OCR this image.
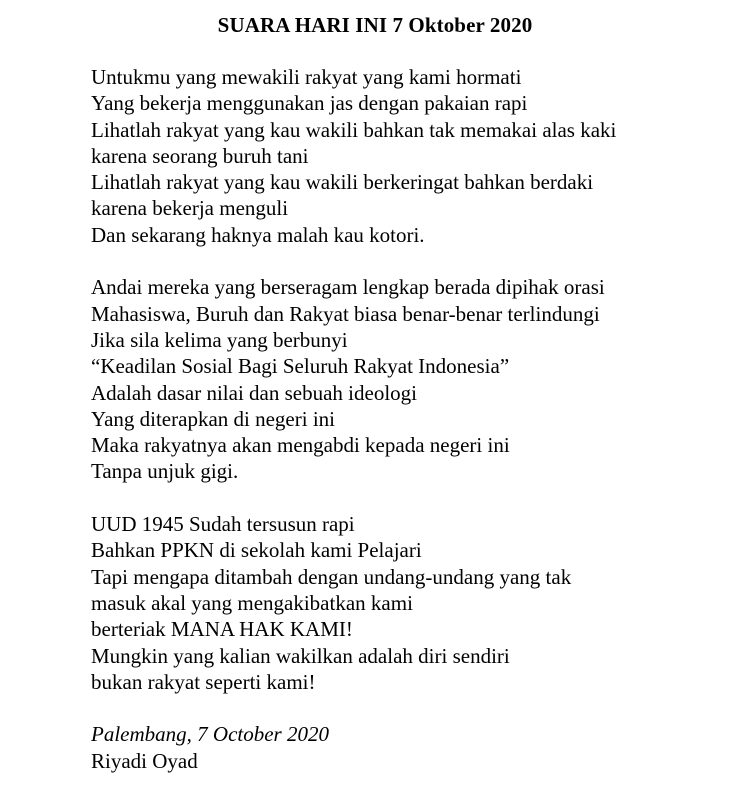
SUARA HARI INI 7 Oktober 2020
Untukmu yang mewakili rakyat yang kami hormati
Yang bekerja menggunakan jas dengan pakaian rapi
Lihatlah rakyat yang kau wakili bahkan tak memakai alas kaki
karena seorang buruh tani
Lihatlah rakyat yang kau wakili berkeringat bahkan berdaki
karena bekerja menguli
Dan sekarang haknya malah kau kotori.
Andai mereka yang berseragam lengkap berada dipihak orasi
Mahasiswa, Buruh dan Rakyat biasa benar-benar terlindungi
Jika sila kelima yang berbunyi
“Keadilan Sosial Bagi Seluruh Rakyat Indonesia”
Adalah dasar nilai dan sebuah ideologi
Yang diterapkan di negeri ini
Maka rakyatnya akan mengabdi kepada negeri ini
Tanpa unjuk gigi.
UUD 1945 Sudah tersusun rapi
Bahkan PPKN di sekolah kami Pelajari
Tapi mengapa ditambah dengan undang-undang yang tak
masuk akal yang mengakibatkan kami
berteriak MANA HAK KAMI!
Mungkin yang kalian wakilkan adalah diri sendiri
bukan rakyat seperti kami!
Palembang, 7 October 2020
Riyadi Oyad
